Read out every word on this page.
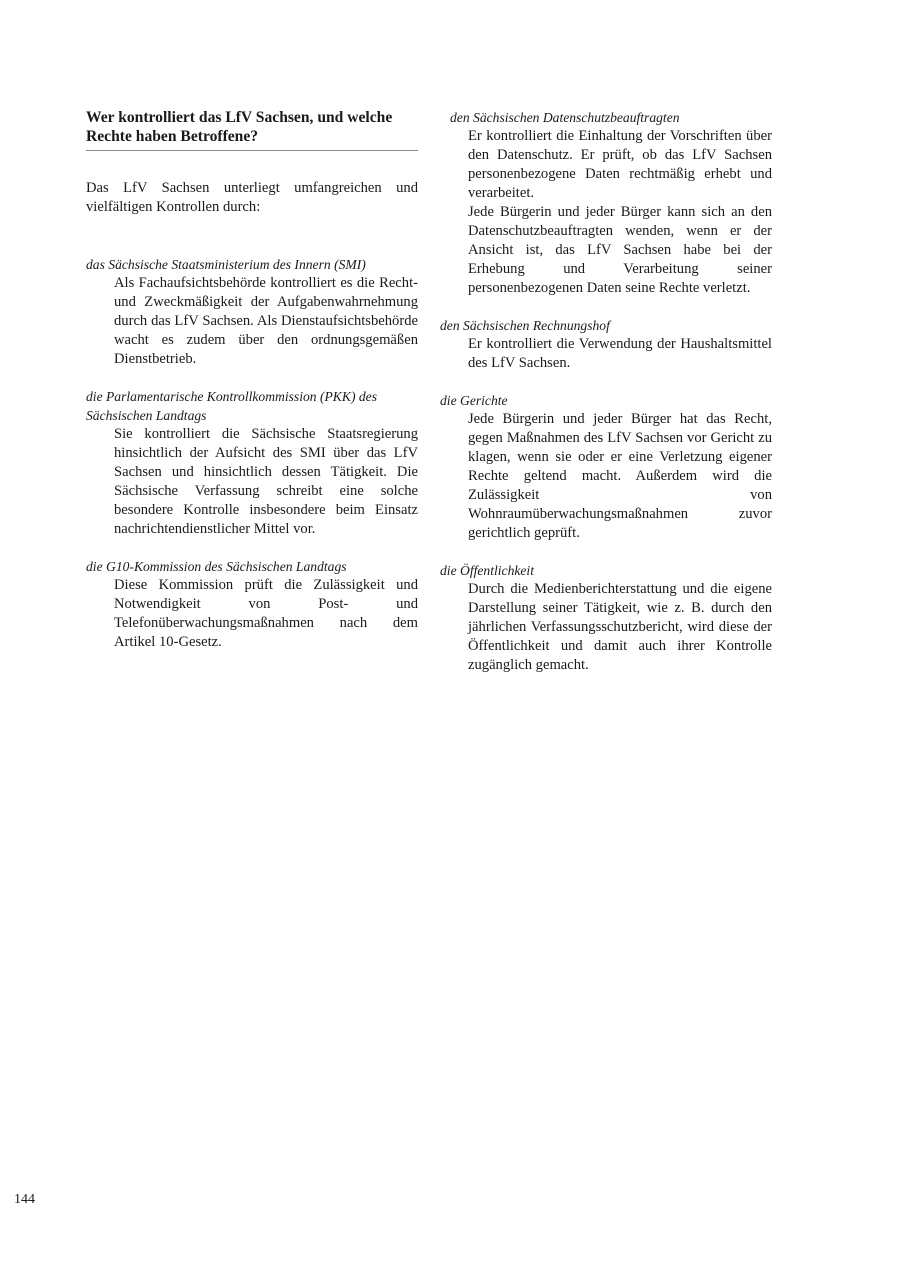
Wer kontrolliert das LfV Sachsen, und welche Rechte haben Betroffene?

Das LfV Sachsen unterliegt umfangreichen und vielfältigen Kontrollen durch:

das Sächsische Staatsministerium des Innern (SMI)

Als Fachaufsichtsbehörde kontrolliert es die Recht- und Zweckmäßigkeit der Aufgabenwahrnehmung durch das LfV Sachsen. Als Dienstaufsichtsbehörde wacht es zudem über den ordnungsgemäßen Dienstbetrieb.

die Parlamentarische Kontrollkommission (PKK) des Sächsischen Landtags

Sie kontrolliert die Sächsische Staatsregierung hinsichtlich der Aufsicht des SMI über das LfV Sachsen und hinsichtlich dessen Tätigkeit. Die Sächsische Verfassung schreibt eine solche besondere Kontrolle insbesondere beim Einsatz nachrichtendienstlicher Mittel vor.

die G10-Kommission des Sächsischen Landtags

Diese Kommission prüft die Zulässigkeit und Notwendigkeit von Post- und Telefonüberwachungsmaßnahmen nach dem Artikel 10-Gesetz.

den Sächsischen Datenschutzbeauftragten

Er kontrolliert die Einhaltung der Vorschriften über den Datenschutz. Er prüft, ob das LfV Sachsen personenbezogene Daten rechtmäßig erhebt und verarbeitet.

Jede Bürgerin und jeder Bürger kann sich an den Datenschutzbeauftragten wenden, wenn er der Ansicht ist, das LfV Sachsen habe bei der Erhebung und Verarbeitung seiner personenbezogenen Daten seine Rechte verletzt.

den Sächsischen Rechnungshof

Er kontrolliert die Verwendung der Haushaltsmittel des LfV Sachsen.

die Gerichte

Jede Bürgerin und jeder Bürger hat das Recht, gegen Maßnahmen des LfV Sachsen vor Gericht zu klagen, wenn sie oder er eine Verletzung eigener Rechte geltend macht. Außerdem wird die Zulässigkeit von Wohnraumüberwachungsmaßnahmen zuvor gerichtlich geprüft.

die Öffentlichkeit

Durch die Medienberichterstattung und die eigene Darstellung seiner Tätigkeit, wie z. B. durch den jährlichen Verfassungsschutzbericht, wird diese der Öffentlichkeit und damit auch ihrer Kontrolle zugänglich gemacht.

144
